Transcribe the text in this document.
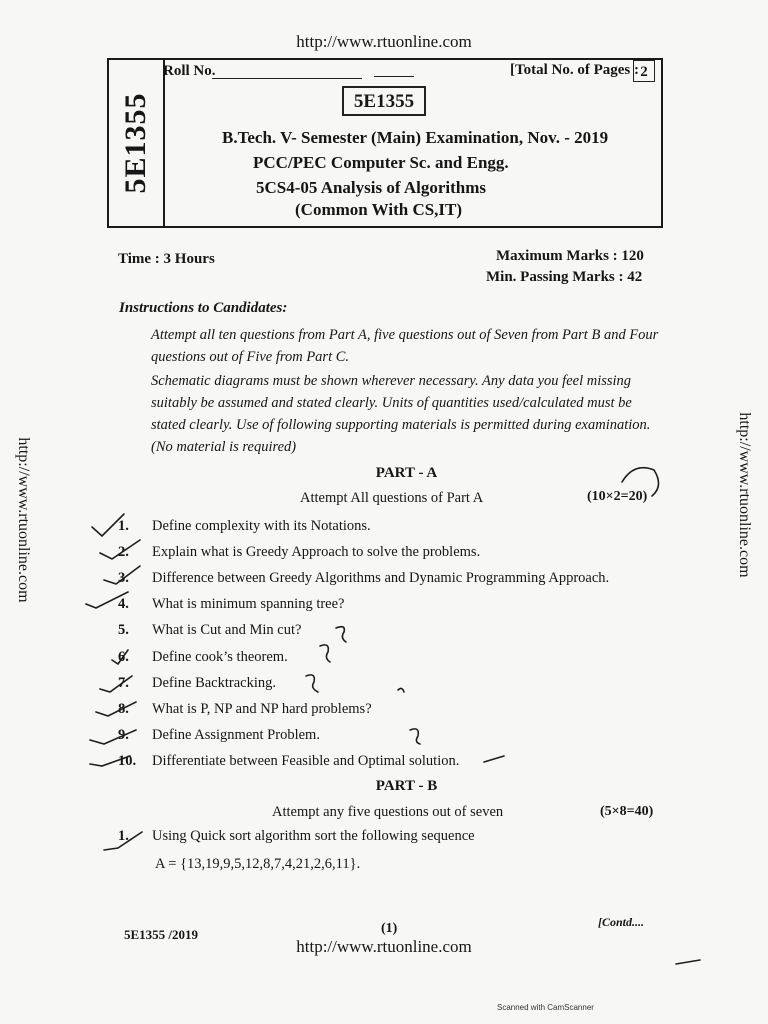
http://www.rtuonline.com
http://www.rtuonline.com	http://www.rtuonline.com
5E1355
Roll No.	[Total No. of Pages : 2
5E1355
B.Tech. V- Semester (Main) Examination, Nov. - 2019
PCC/PEC Computer Sc. and Engg.
5CS4-05 Analysis of Algorithms
(Common With CS,IT)
Time : 3 Hours	Maximum Marks : 120
Min. Passing Marks : 42
Instructions to Candidates:
Attempt all ten questions from Part A, five questions out of Seven from Part B and Four questions out of Five from Part C.
Schematic diagrams must be shown wherever necessary. Any data you feel missing suitably be assumed and stated clearly. Units of quantities used/calculated must be stated clearly. Use of following supporting materials is permitted during examination. (No material is required)
PART - A
Attempt All questions of Part A	(10×2=20)
1.	Define complexity with its Notations.
2.	Explain what is Greedy Approach to solve the problems.
3.	Difference between Greedy Algorithms and Dynamic Programming Approach.
4.	What is minimum spanning tree?
5.	What is Cut and Min cut?
6.	Define cook’s theorem.
7.	Define Backtracking.
8.	What is P, NP and NP hard problems?
9.	Define Assignment Problem.
10.	Differentiate between Feasible and Optimal solution.
PART - B
Attempt any five questions out of seven	(5×8=40)
1. Using Quick sort algorithm sort the following sequence
A = {13,19,9,5,12,8,7,4,21,2,6,11}.
5E1355 /2019	(1)	[Contd....
http://www.rtuonline.com
Scanned with CamScanner
